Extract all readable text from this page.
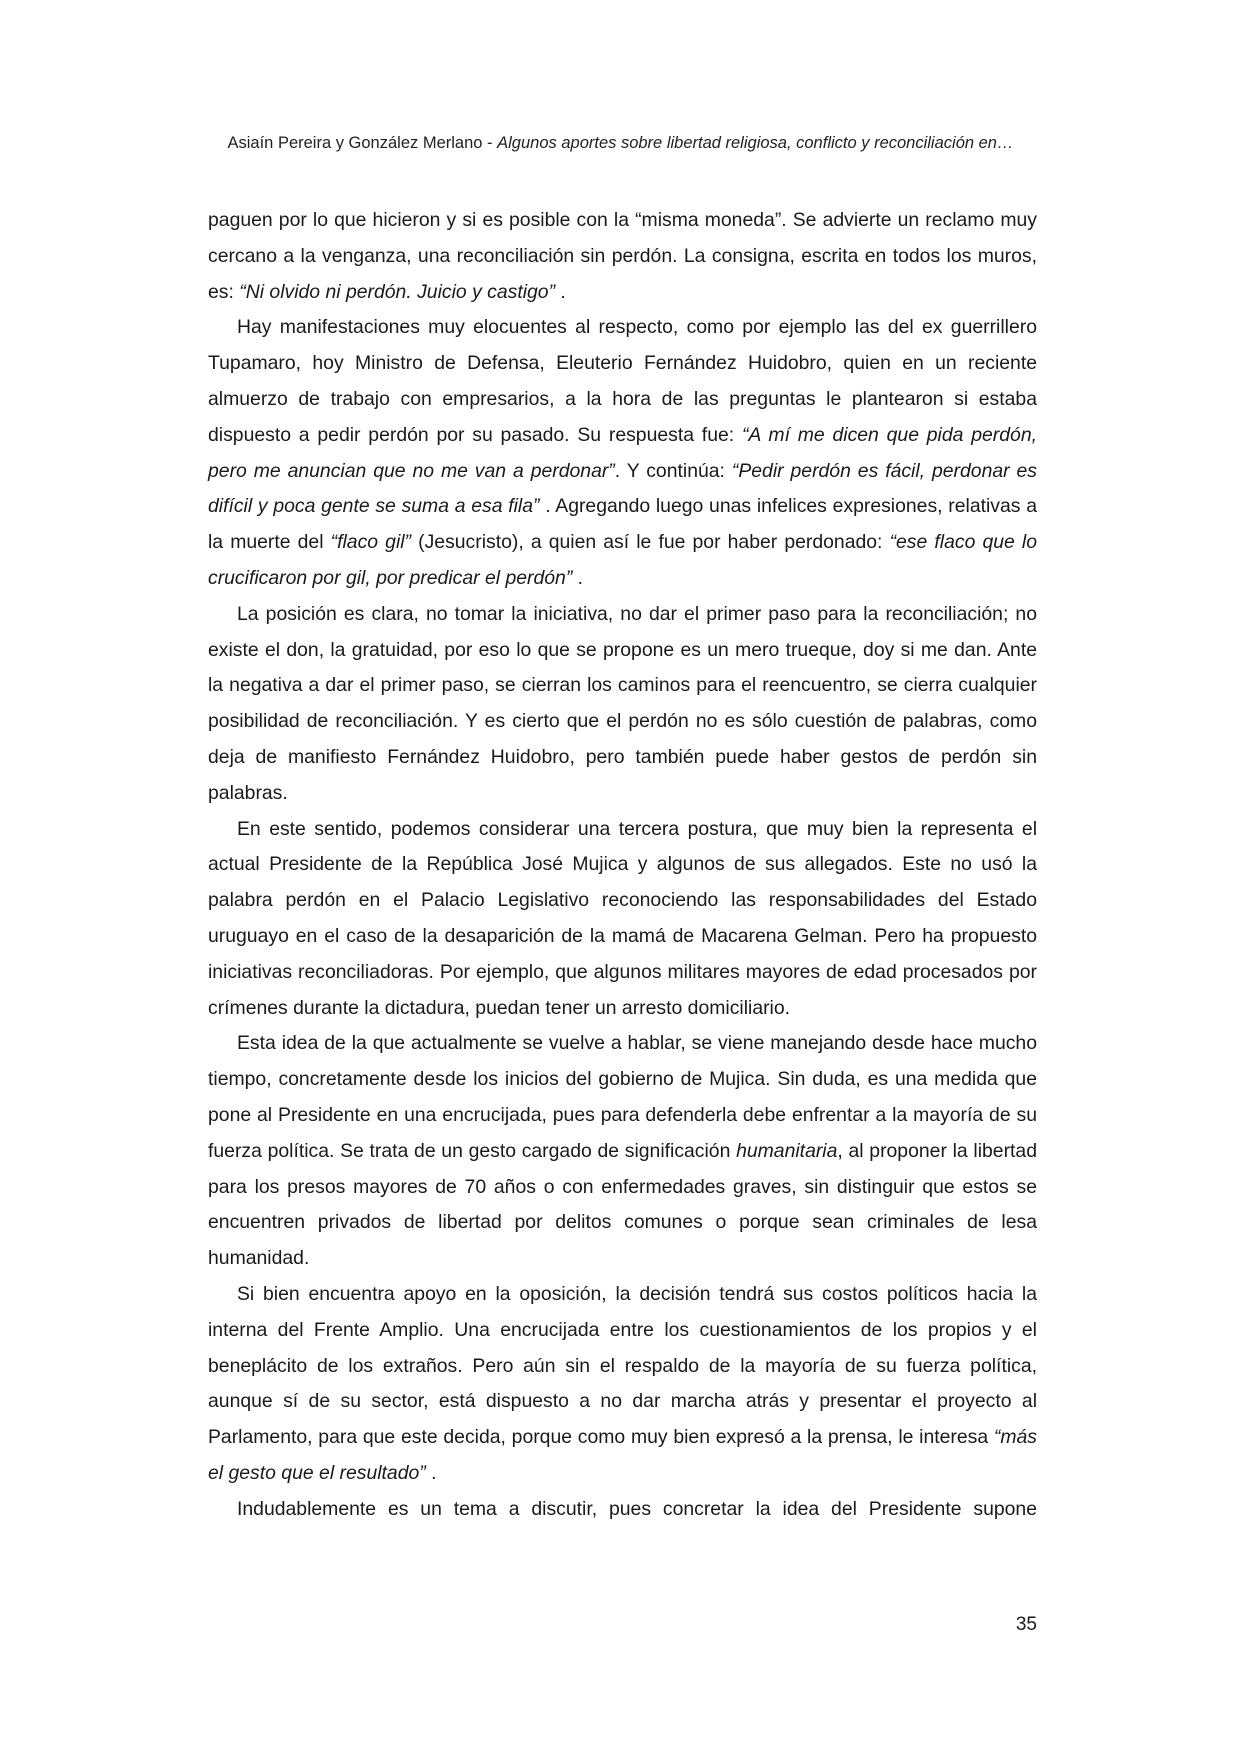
Asiaín Pereira y González Merlano - Algunos aportes sobre libertad religiosa, conflicto y reconciliación en…

paguen por lo que hicieron y si es posible con la “misma moneda”. Se advierte un reclamo muy cercano a la venganza, una reconciliación sin perdón. La consigna, escrita en todos los muros, es: “Ni olvido ni perdón. Juicio y castigo” .

Hay manifestaciones muy elocuentes al respecto, como por ejemplo las del ex guerrillero Tupamaro, hoy Ministro de Defensa, Eleuterio Fernández Huidobro, quien en un reciente almuerzo de trabajo con empresarios, a la hora de las preguntas le plantearon si estaba dispuesto a pedir perdón por su pasado. Su respuesta fue: “A mí me dicen que pida perdón, pero me anuncian que no me van a perdonar”. Y continúa: “Pedir perdón es fácil, perdonar es difícil y poca gente se suma a esa fila” . Agregando luego unas infelices expresiones, relativas a la muerte del “flaco gil” (Jesucristo), a quien así le fue por haber perdonado: “ese flaco que lo crucificaron por gil, por predicar el perdón” .

La posición es clara, no tomar la iniciativa, no dar el primer paso para la reconciliación; no existe el don, la gratuidad, por eso lo que se propone es un mero trueque, doy si me dan. Ante la negativa a dar el primer paso, se cierran los caminos para el reencuentro, se cierra cualquier posibilidad de reconciliación. Y es cierto que el perdón no es sólo cuestión de palabras, como deja de manifiesto Fernández Huidobro, pero también puede haber gestos de perdón sin palabras.

En este sentido, podemos considerar una tercera postura, que muy bien la representa el actual Presidente de la República José Mujica y algunos de sus allegados. Este no usó la palabra perdón en el Palacio Legislativo reconociendo las responsabilidades del Estado uruguayo en el caso de la desaparición de la mamá de Macarena Gelman. Pero ha propuesto iniciativas reconciliadoras. Por ejemplo, que algunos militares mayores de edad procesados por crímenes durante la dictadura, puedan tener un arresto domiciliario.

Esta idea de la que actualmente se vuelve a hablar, se viene manejando desde hace mucho tiempo, concretamente desde los inicios del gobierno de Mujica. Sin duda, es una medida que pone al Presidente en una encrucijada, pues para defenderla debe enfrentar a la mayoría de su fuerza política. Se trata de un gesto cargado de significación humanitaria, al proponer la libertad para los presos mayores de 70 años o con enfermedades graves, sin distinguir que estos se encuentren privados de libertad por delitos comunes o porque sean criminales de lesa humanidad.

Si bien encuentra apoyo en la oposición, la decisión tendrá sus costos políticos hacia la interna del Frente Amplio. Una encrucijada entre los cuestionamientos de los propios y el beneplácito de los extraños. Pero aún sin el respaldo de la mayoría de su fuerza política, aunque sí de su sector, está dispuesto a no dar marcha atrás y presentar el proyecto al Parlamento, para que este decida, porque como muy bien expresó a la prensa, le interesa “más el gesto que el resultado” .

Indudablemente es un tema a discutir, pues concretar la idea del Presidente supone

35
